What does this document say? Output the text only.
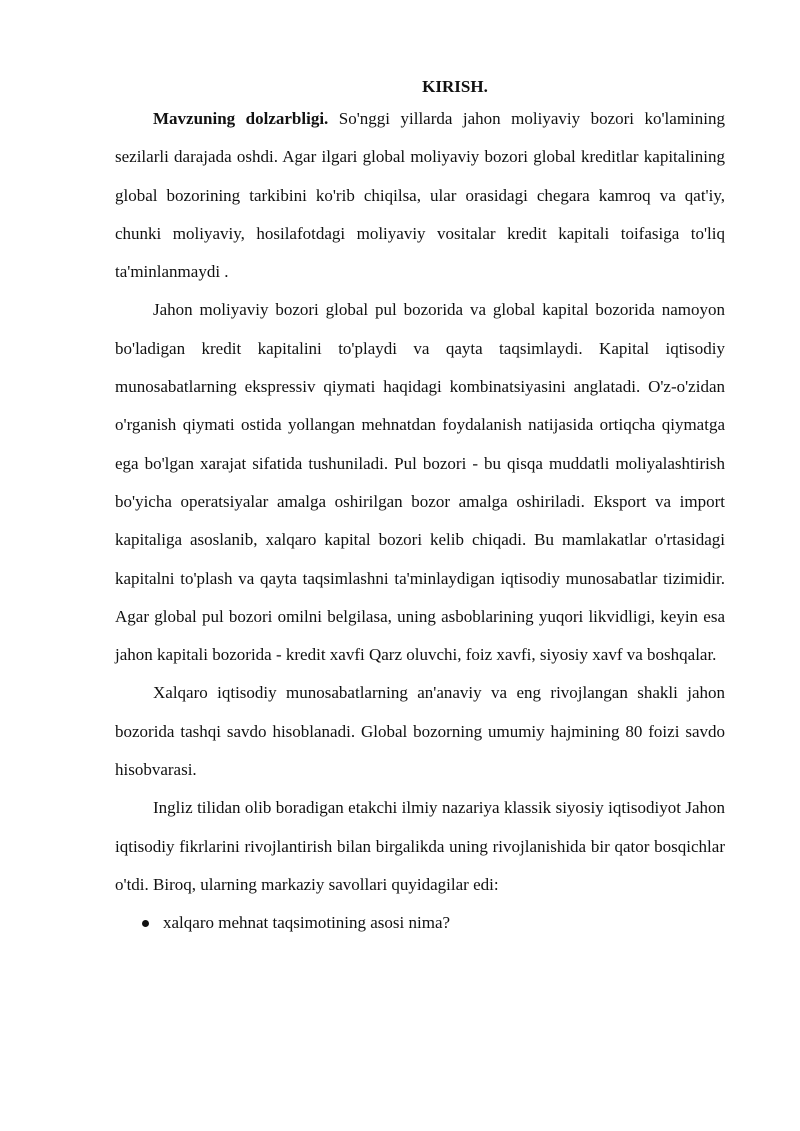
KIRISH.

Mavzuning dolzarbligi. So'nggi yillarda jahon moliyaviy bozori ko'lamining sezilarli darajada oshdi. Agar ilgari global moliyaviy bozori global kreditlar kapitalining global bozorining tarkibini ko'rib chiqilsa, ular orasidagi chegara kamroq va qat'iy, chunki moliyaviy, hosilafotdagi moliyaviy vositalar kredit kapitali toifasiga to'liq ta'minlanmaydi .

Jahon moliyaviy bozori global pul bozorida va global kapital bozorida namoyon bo'ladigan kredit kapitalini to'playdi va qayta taqsimlaydi. Kapital iqtisodiy munosabatlarning ekspressiv qiymati haqidagi kombinatsiyasini anglatadi. O'z-o'zidan o'rganish qiymati ostida yollangan mehnatdan foydalanish natijasida ortiqcha qiymatga ega bo'lgan xarajat sifatida tushuniladi. Pul bozori - bu qisqa muddatli moliyalashtirish bo'yicha operatsiyalar amalga oshirilgan bozor amalga oshiriladi. Eksport va import kapitaliga asoslanib, xalqaro kapital bozori kelib chiqadi. Bu mamlakatlar o'rtasidagi kapitalni to'plash va qayta taqsimlashni ta'minlaydigan iqtisodiy munosabatlar tizimidir. Agar global pul bozori omilni belgilasa, uning asboblarining yuqori likvidligi, keyin esa jahon kapitali bozorida - kredit xavfi Qarz oluvchi, foiz xavfi, siyosiy xavf va boshqalar.

Xalqaro iqtisodiy munosabatlarning an'anaviy va eng rivojlangan shakli jahon bozorida tashqi savdo hisoblanadi. Global bozorning umumiy hajmining 80 foizi savdo hisobvarasi.

Ingliz tilidan olib boradigan etakchi ilmiy nazariya klassik siyosiy iqtisodiyot Jahon iqtisodiy fikrlarini rivojlantirish bilan birgalikda uning rivojlanishida bir qator bosqichlar o'tdi. Biroq, ularning markaziy savollari quyidagilar edi:

xalqaro mehnat taqsimotining asosi nima?
